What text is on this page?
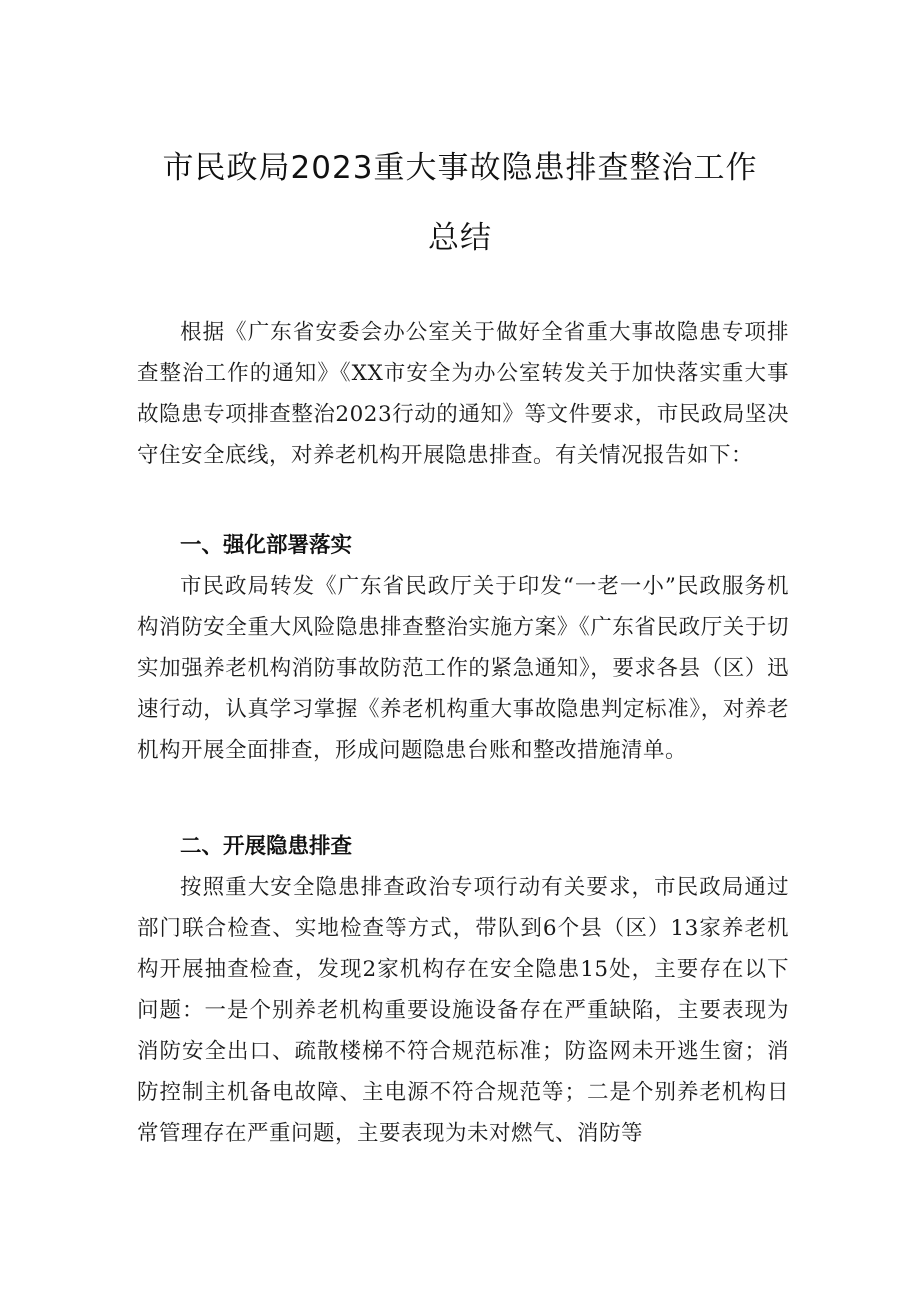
市民政局2023重大事故隐患排查整治工作
总结

根据《广东省安委会办公室关于做好全省重大事故隐患专项排查整治工作的通知》《XX市安全为办公室转发关于加快落实重大事故隐患专项排查整治2023行动的通知》等文件要求，市民政局坚决守住安全底线，对养老机构开展隐患排查。有关情况报告如下：

一、强化部署落实

市民政局转发《广东省民政厅关于印发“一老一小”民政服务机构消防安全重大风险隐患排查整治实施方案》《广东省民政厅关于切实加强养老机构消防事故防范工作的紧急通知》，要求各县（区）迅速行动，认真学习掌握《养老机构重大事故隐患判定标准》，对养老机构开展全面排查，形成问题隐患台账和整改措施清单。

二、开展隐患排查

按照重大安全隐患排查政治专项行动有关要求，市民政局通过部门联合检查、实地检查等方式，带队到6个县（区）13家养老机构开展抽查检查，发现2家机构存在安全隐患15处，主要存在以下问题：一是个别养老机构重要设施设备存在严重缺陷，主要表现为消防安全出口、疏散楼梯不符合规范标准；防盗网未开逃生窗；消防控制主机备电故障、主电源不符合规范等；二是个别养老机构日常管理存在严重问题，主要表现为未对燃气、消防等
